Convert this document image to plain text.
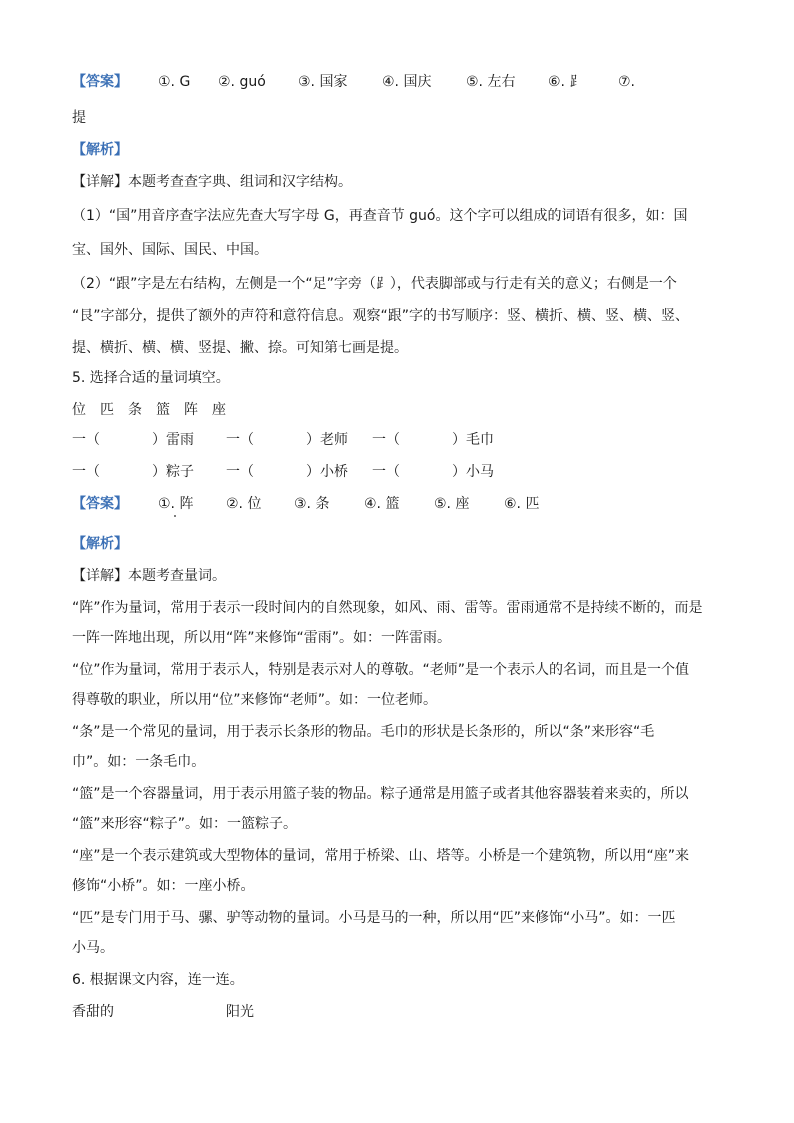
【答案】 ①. G ②. guó ③. 国家 ④. 国庆 ⑤. 左右 ⑥. ⻊ ⑦.
提
【解析】
【详解】本题考查查字典、组词和汉字结构。
（1）“国”用音序查字法应先查大写字母 G，再查音节 guó。这个字可以组成的词语有很多，如：国
宝、国外、国际、国民、中国。
（2）“跟”字是左右结构，左侧是一个“足”字旁（⻊），代表脚部或与行走有关的意义；右侧是一个
“艮”字部分，提供了额外的声符和意符信息。观察“跟”字的书写顺序：竖、横折、横、竖、横、竖、
提、横折、横、横、竖提、撇、捺。可知第七画是提。
5. 选择合适的量词填空。
位　匹　条　篮　阵　座
一（	）雷雨 一（	）老师 一（	）毛巾
一（	）粽子 一（	）小桥 一（	）小马
【答案】 ①. 阵 ②. 位 ③. 条 ④. 篮 ⑤. 座 ⑥. 匹
【解析】
【详解】本题考查量词。
“阵”作为量词，常用于表示一段时间内的自然现象，如风、雨、雷等。雷雨通常不是持续不断的，而是
一阵一阵地出现，所以用“阵”来修饰“雷雨”。如：一阵雷雨。
“位”作为量词，常用于表示人，特别是表示对人的尊敬。“老师”是一个表示人的名词，而且是一个值
得尊敬的职业，所以用“位”来修饰“老师”。如：一位老师。
“条”是一个常见的量词，用于表示长条形的物品。毛巾的形状是长条形的，所以“条”来形容“毛
巾”。如：一条毛巾。
“篮”是一个容器量词，用于表示用篮子装的物品。粽子通常是用篮子或者其他容器装着来卖的，所以
“篮”来形容“粽子”。如：一篮粽子。
“座”是一个表示建筑或大型物体的量词，常用于桥梁、山、塔等。小桥是一个建筑物，所以用“座”来
修饰“小桥”。如：一座小桥。
“匹”是专门用于马、骡、驴等动物的量词。小马是马的一种，所以用“匹”来修饰“小马”。如：一匹
小马。
6. 根据课文内容，连一连。
香甜的	阳光
